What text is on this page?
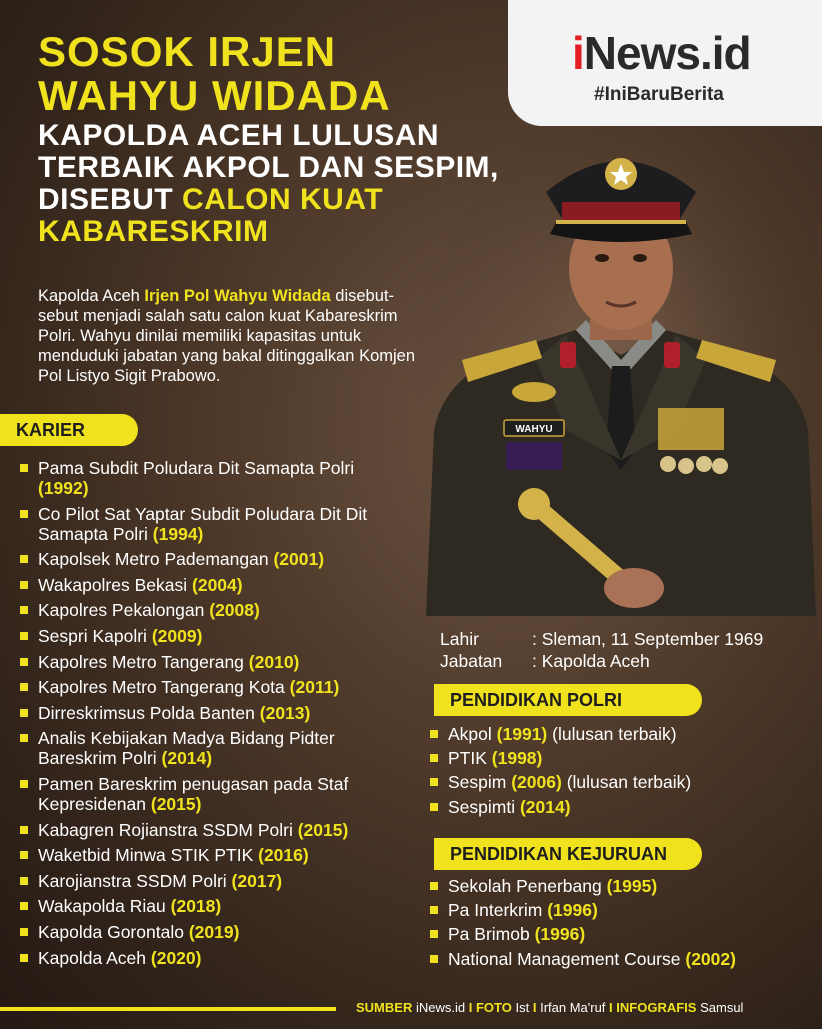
iNews.id
#IniBaruBerita
SOSOK IRJEN
WAHYU WIDADA
KAPOLDA ACEH LULUSAN TERBAIK AKPOL DAN SESPIM, DISEBUT CALON KUAT KABARESKRIM

Kapolda Aceh Irjen Pol Wahyu Widada disebut-sebut menjadi salah satu calon kuat Kabareskrim Polri. Wahyu dinilai memiliki kapasitas untuk menduduki jabatan yang bakal ditinggalkan Komjen Pol Listyo Sigit Prabowo.

WAHYU
KARIER
Pama Subdit Poludara Dit Samapta Polri (1992)
Co Pilot Sat Yaptar Subdit Poludara Dit Dit Samapta Polri (1994)
Kapolsek Metro Pademangan (2001)
Wakapolres Bekasi (2004)
Kapolres Pekalongan (2008)
Sespri Kapolri (2009)
Kapolres Metro Tangerang (2010)
Kapolres Metro Tangerang Kota (2011)
Dirreskrimsus Polda Banten (2013)
Analis Kebijakan Madya Bidang Pidter Bareskrim Polri (2014)
Pamen Bareskrim penugasan pada Staf Kepresidenan (2015)
Kabagren Rojianstra SSDM Polri (2015)
Waketbid Minwa STIK PTIK (2016)
Karojianstra SSDM Polri (2017)
Wakapolda Riau (2018)
Kapolda Gorontalo (2019)
Kapolda Aceh (2020)
Lahir	: Sleman, 11 September 1969
Jabatan	: Kapolda Aceh
PENDIDIKAN POLRI
Akpol (1991) (lulusan terbaik)
PTIK (1998)
Sespim (2006) (lulusan terbaik)
Sespimti (2014)
PENDIDIKAN KEJURUAN
Sekolah Penerbang (1995)
Pa Interkrim (1996)
Pa Brimob (1996)
National Management Course (2002)
SUMBER iNews.id I FOTO Ist I Irfan Ma'ruf I INFOGRAFIS Samsul
